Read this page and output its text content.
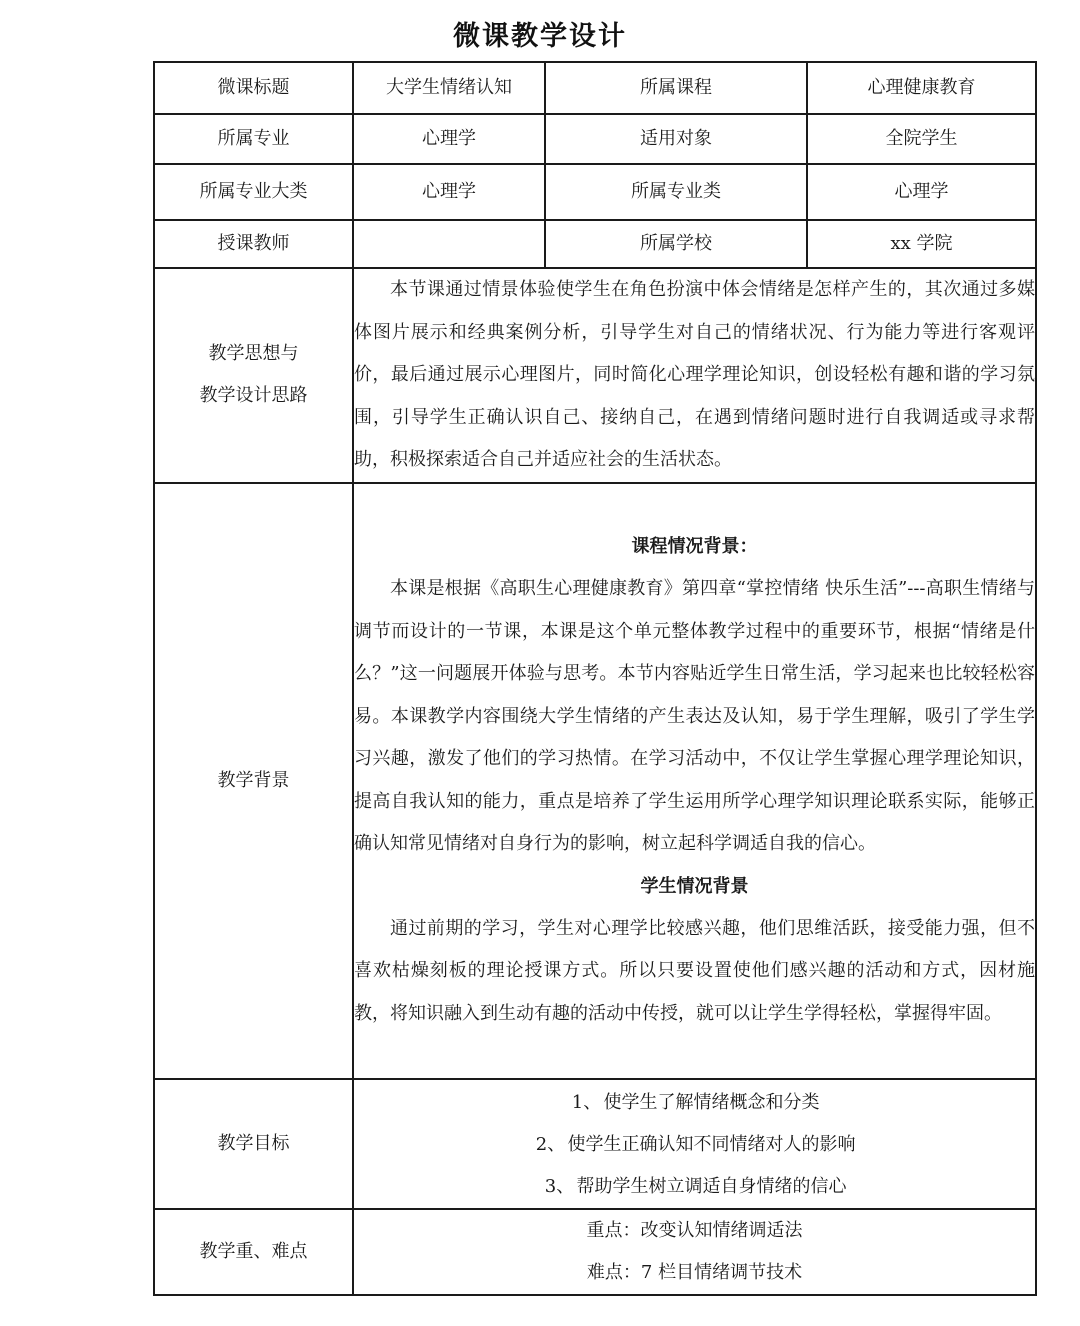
微课教学设计
微课标题	大学生情绪认知	所属课程	心理健康教育
所属专业	心理学	适用对象	全院学生
所属专业大类	心理学	所属专业类	心理学
授课教师		所属学校	xx 学院

教学思想与
教学设计思路	本节课通过情景体验使学生在角色扮演中体会情绪是怎样产生的，其次通过多媒体图片展示和经典案例分析，引导学生对自己的情绪状况、行为能力等进行客观评价，最后通过展示心理图片，同时简化心理学理论知识，创设轻松有趣和谐的学习氛围，引导学生正确认识自己、接纳自己，在遇到情绪问题时进行自我调适或寻求帮助，积极探索适合自己并适应社会的生活状态。		

教学背景	课程情况背景：

本课是根据《高职生心理健康教育》第四章“掌控情绪 快乐生活”---高职生情绪与调节而设计的一节课，本课是这个单元整体教学过程中的重要环节，根据“情绪是什么？”这一问题展开体验与思考。本节内容贴近学生日常生活，学习起来也比较轻松容易。本课教学内容围绕大学生情绪的产生表达及认知，易于学生理解，吸引了学生学习兴趣，激发了他们的学习热情。在学习活动中，不仅让学生掌握心理学理论知识，提高自我认知的能力，重点是培养了学生运用所学心理学知识理论联系实际，能够正确认知常见情绪对自身行为的影响，树立起科学调适自我的信心。

学生情况背景

通过前期的学习，学生对心理学比较感兴趣，他们思维活跃，接受能力强，但不喜欢枯燥刻板的理论授课方式。所以只要设置使他们感兴趣的活动和方式，因材施教，将知识融入到生动有趣的活动中传授，就可以让学生学得轻松，掌握得牢固。		

教学目标	1、 使学生了解情绪概念和分类

2、 使学生正确认知不同情绪对人的影响

3、 帮助学生树立调适自身情绪的信心		

教学重、难点	重点：改变认知情绪调适法

难点：7 栏目情绪调节技术		
